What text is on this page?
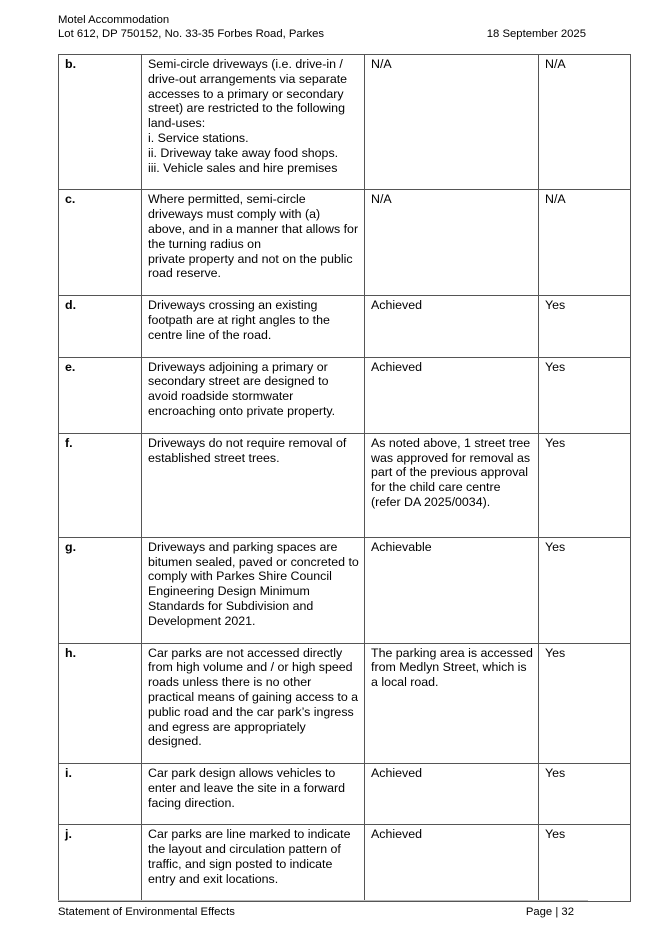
Motel Accommodation
Lot 612, DP 750152, No. 33-35 Forbes Road, Parkes	18 September 2025
b.	Semi-circle driveways (i.e. drive-in / drive-out arrangements via separate accesses to a primary or secondary street) are restricted to the following land-uses:
i. Service stations.
ii. Driveway take away food shops.
iii. Vehicle sales and hire premises	N/A	N/A
c.	Where permitted, semi-circle driveways must comply with (a) above, and in a manner that allows for the turning radius on
private property and not on the public road reserve.	N/A	N/A
d.	Driveways crossing an existing footpath are at right angles to the centre line of the road.	Achieved	Yes
e.	Driveways adjoining a primary or secondary street are designed to avoid roadside stormwater encroaching onto private property.	Achieved	Yes
f.	Driveways do not require removal of established street trees.	As noted above, 1 street tree was approved for removal as part of the previous approval for the child care centre (refer DA 2025/0034).	Yes
g.	Driveways and parking spaces are bitumen sealed, paved or concreted to comply with Parkes Shire Council Engineering Design Minimum Standards for Subdivision and Development 2021.	Achievable	Yes
h.	Car parks are not accessed directly from high volume and / or high speed roads unless there is no other practical means of gaining access to a public road and the car park’s ingress and egress are appropriately designed.	The parking area is accessed from Medlyn Street, which is a local road.	Yes
i.	Car park design allows vehicles to enter and leave the site in a forward facing direction.	Achieved	Yes
j.	Car parks are line marked to indicate the layout and circulation pattern of traffic, and sign posted to indicate entry and exit locations.	Achieved	Yes
Statement of Environmental Effects	Page | 32
